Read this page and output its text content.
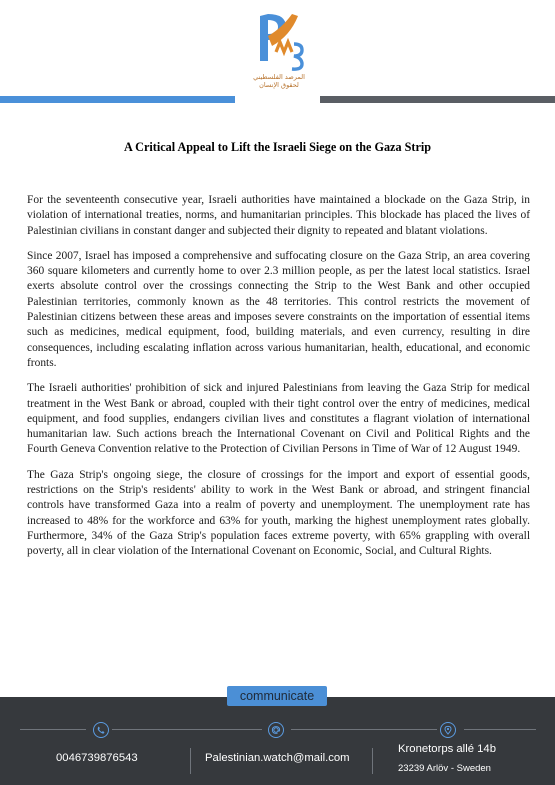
المرصد الفلسطيني لحقوق الإنسان
A Critical Appeal to Lift the Israeli Siege on the Gaza Strip

For the seventeenth consecutive year, Israeli authorities have maintained a blockade on the Gaza Strip, in violation of international treaties, norms, and humanitarian principles. This blockade has placed the lives of Palestinian civilians in constant danger and subjected their dignity to repeated and blatant violations.

Since 2007, Israel has imposed a comprehensive and suffocating closure on the Gaza Strip, an area covering 360 square kilometers and currently home to over 2.3 million people, as per the latest local statistics. Israel exerts absolute control over the crossings connecting the Strip to the West Bank and other occupied Palestinian territories, commonly known as the 48 territories. This control restricts the movement of Palestinian citizens between these areas and imposes severe constraints on the importation of essential items such as medicines, medical equipment, food, building materials, and even currency, resulting in dire consequences, including escalating inflation across various humanitarian, health, educational, and economic fronts.

The Israeli authorities' prohibition of sick and injured Palestinians from leaving the Gaza Strip for medical treatment in the West Bank or abroad, coupled with their tight control over the entry of medicines, medical equipment, and food supplies, endangers civilian lives and constitutes a flagrant violation of international humanitarian law. Such actions breach the International Covenant on Civil and Political Rights and the Fourth Geneva Convention relative to the Protection of Civilian Persons in Time of War of 12 August 1949.

The Gaza Strip's ongoing siege, the closure of crossings for the import and export of essential goods, restrictions on the Strip's residents' ability to work in the West Bank or abroad, and stringent financial controls have transformed Gaza into a realm of poverty and unemployment. The unemployment rate has increased to 48% for the workforce and 63% for youth, marking the highest unemployment rates globally. Furthermore, 34% of the Gaza Strip's population faces extreme poverty, with 65% grappling with overall poverty, all in clear violation of the International Covenant on Economic, Social, and Cultural Rights.

communicate
0046739876543	Palestinian.watch@mail.com
Kronetorps allé 14b
23239 Arlöv - Sweden
